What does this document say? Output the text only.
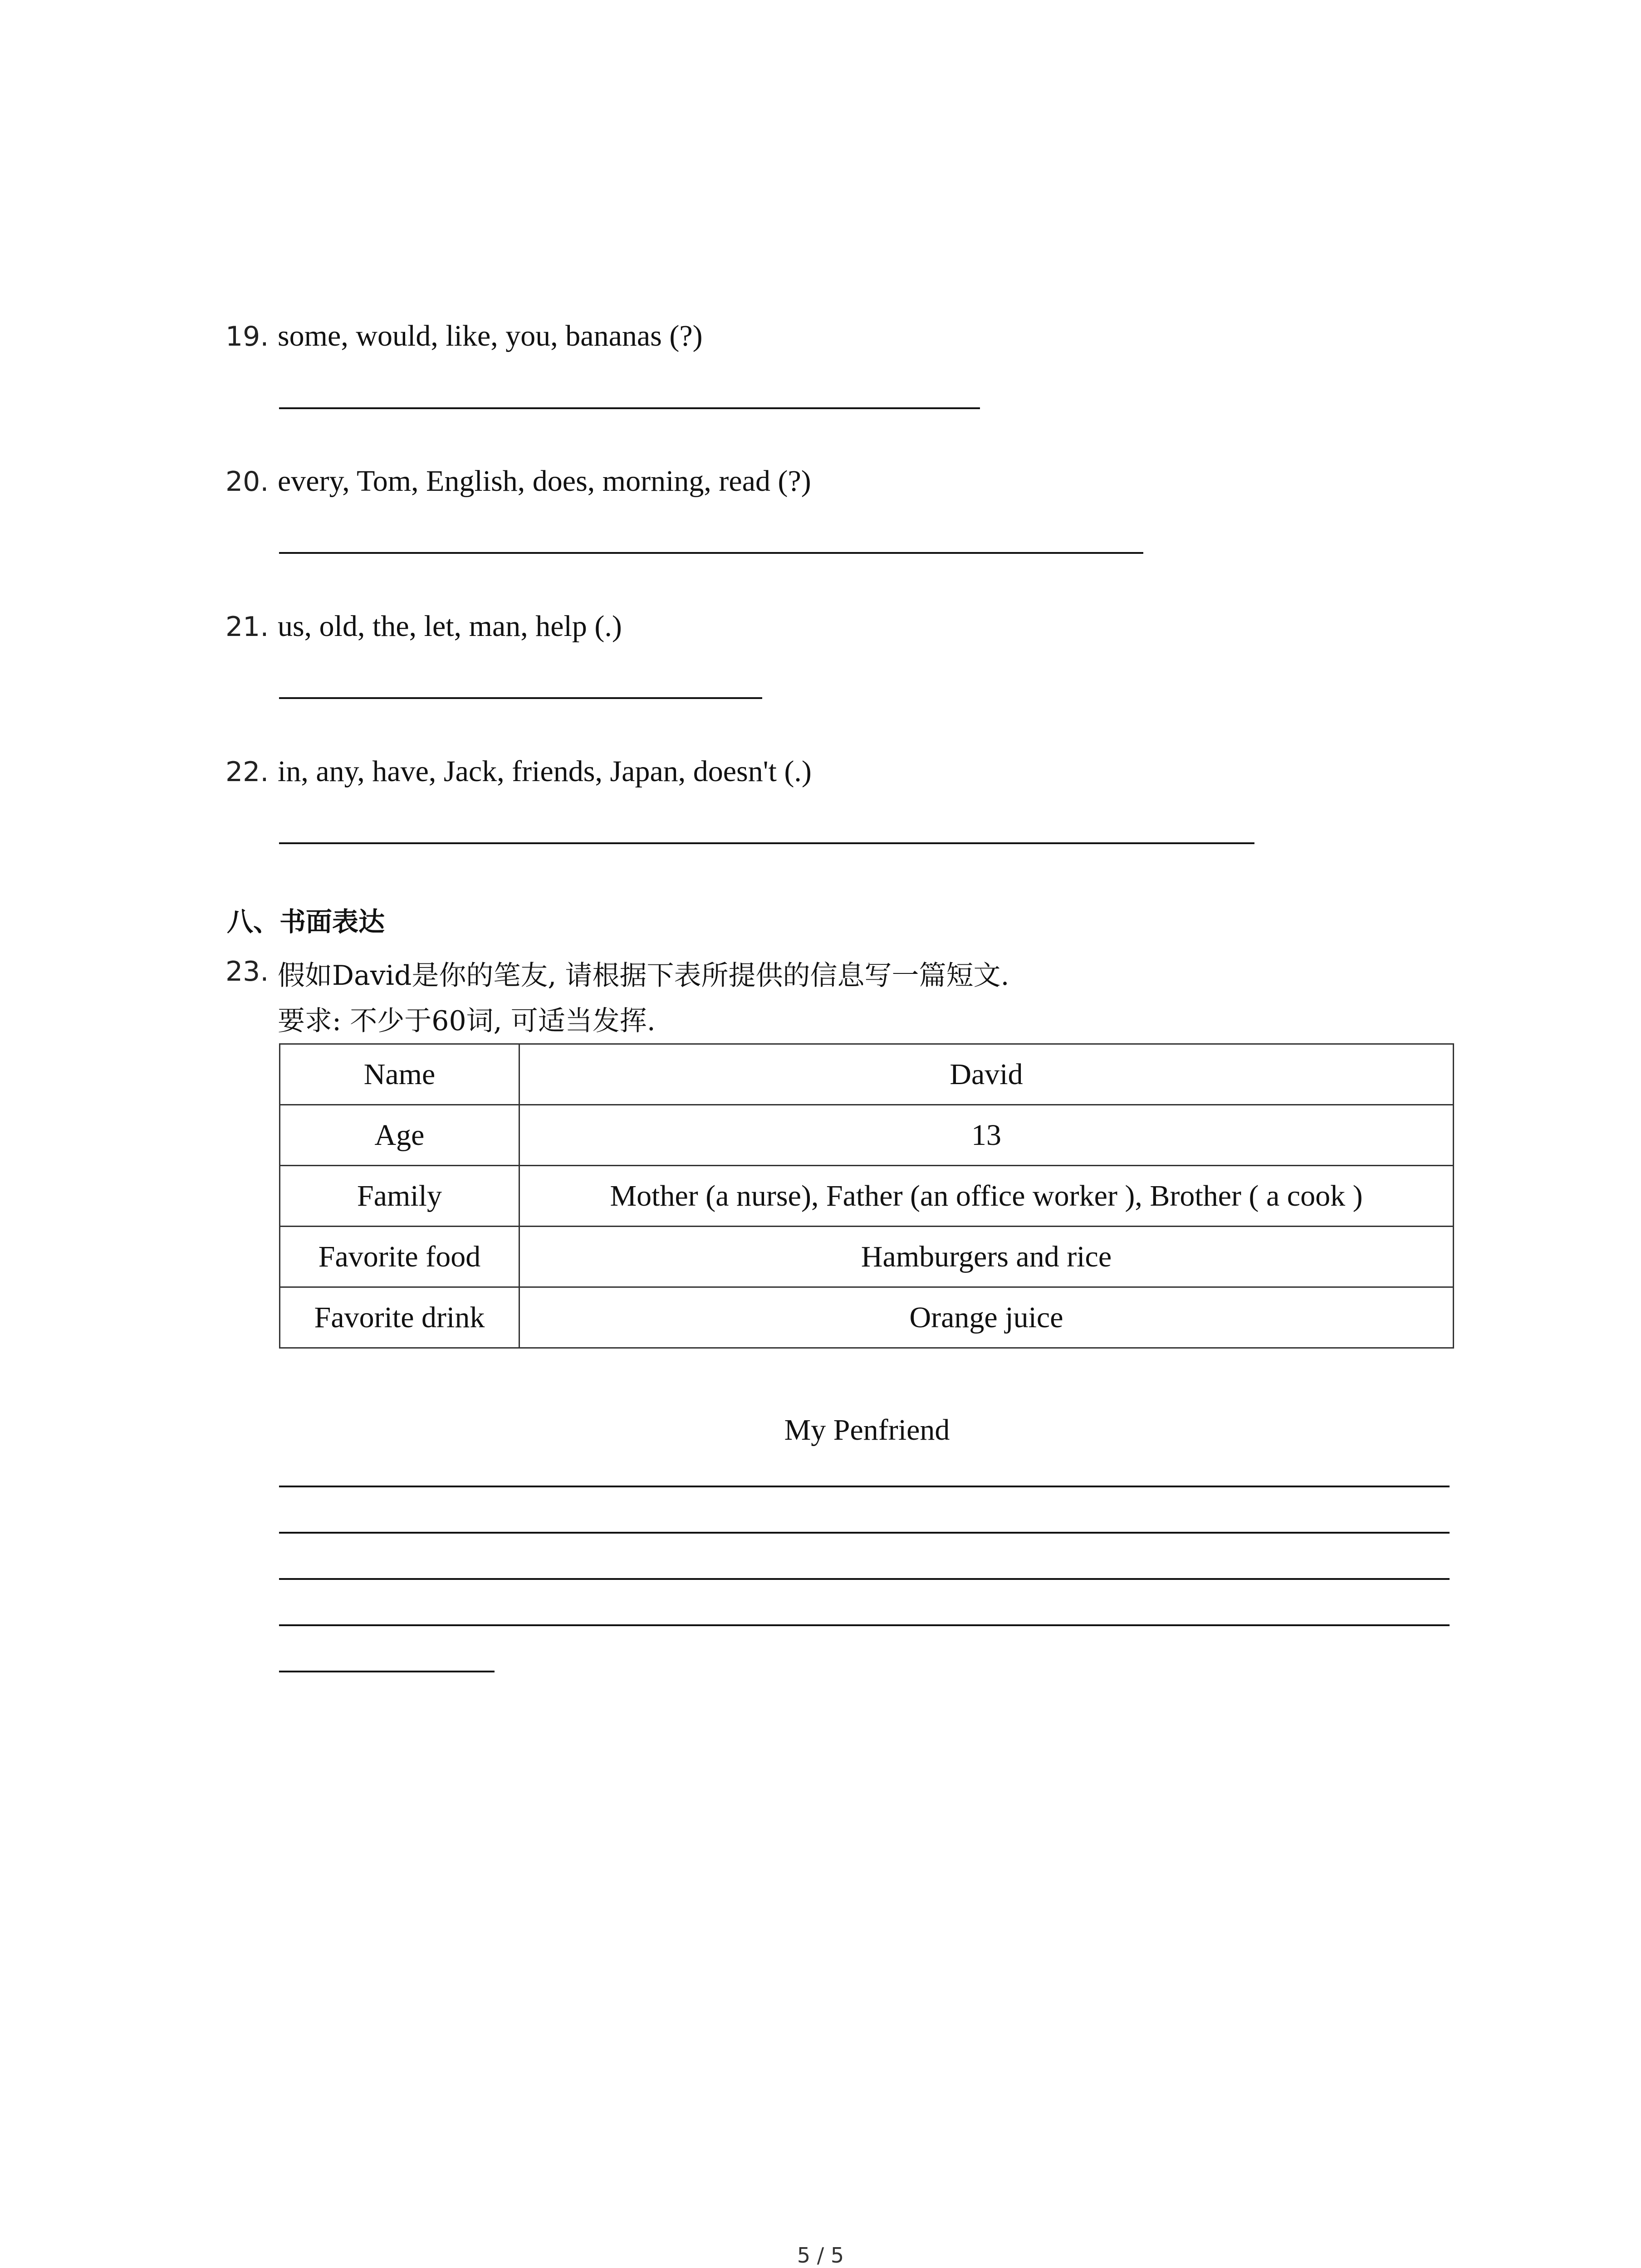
19. some, would, like, you, bananas (?)
20. every, Tom, English, does, morning, read (?)
21. us, old, the, let, man, help (.)
22. in, any, have, Jack, friends, Japan, doesn't (.)
八、书面表达
23. 假如David是你的笔友, 请根据下表所提供的信息写一篇短文.
要求: 不少于60词, 可适当发挥.
Name	David
Age	13
Family	Mother (a nurse), Father (an office worker ), Brother ( a cook )
Favorite food	Hamburgers and rice
Favorite drink	Orange juice
My Penfriend
5 / 5
